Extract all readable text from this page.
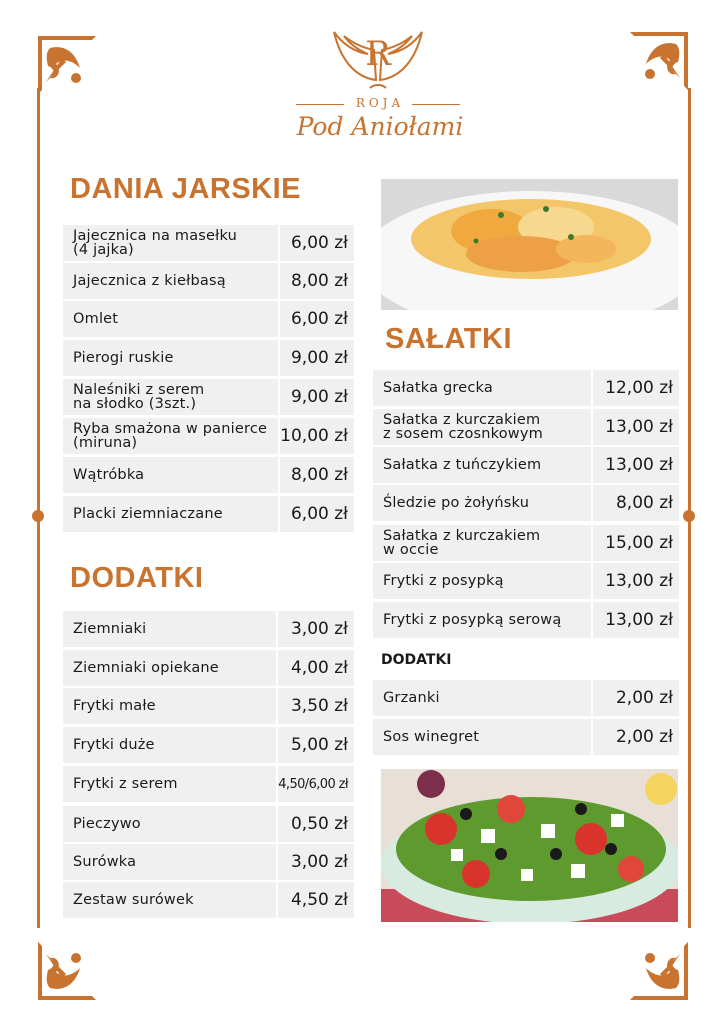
R
ROJA
Pod Aniołami
DANIA JARSKIE
Jajecznica na masełku
(4 jajka)	6,00 zł
Jajecznica z kiełbasą	8,00 zł
Omlet	6,00 zł
Pierogi ruskie	9,00 zł
Naleśniki z serem
na słodko (3szt.)	9,00 zł
Ryba smażona w panierce
(miruna)	10,00 zł
Wątróbka	8,00 zł
Placki ziemniaczane	6,00 zł
DODATKI
Ziemniaki	3,00 zł
Ziemniaki opiekane	4,00 zł
Frytki małe	3,50 zł
Frytki duże	5,00 zł
Frytki z serem	4,50/6,00 zł
Pieczywo	0,50 zł
Surówka	3,00 zł
Zestaw surówek	4,50 zł
SAŁATKI
Sałatka grecka	12,00 zł
Sałatka z kurczakiem
z sosem czosnkowym	13,00 zł
Sałatka z tuńczykiem	13,00 zł
Śledzie po żołyńsku	8,00 zł
Sałatka z kurczakiem
w occie	15,00 zł
Frytki z posypką	13,00 zł
Frytki z posypką serową	13,00 zł
DODATKI
Grzanki	2,00 zł
Sos winegret	2,00 zł
